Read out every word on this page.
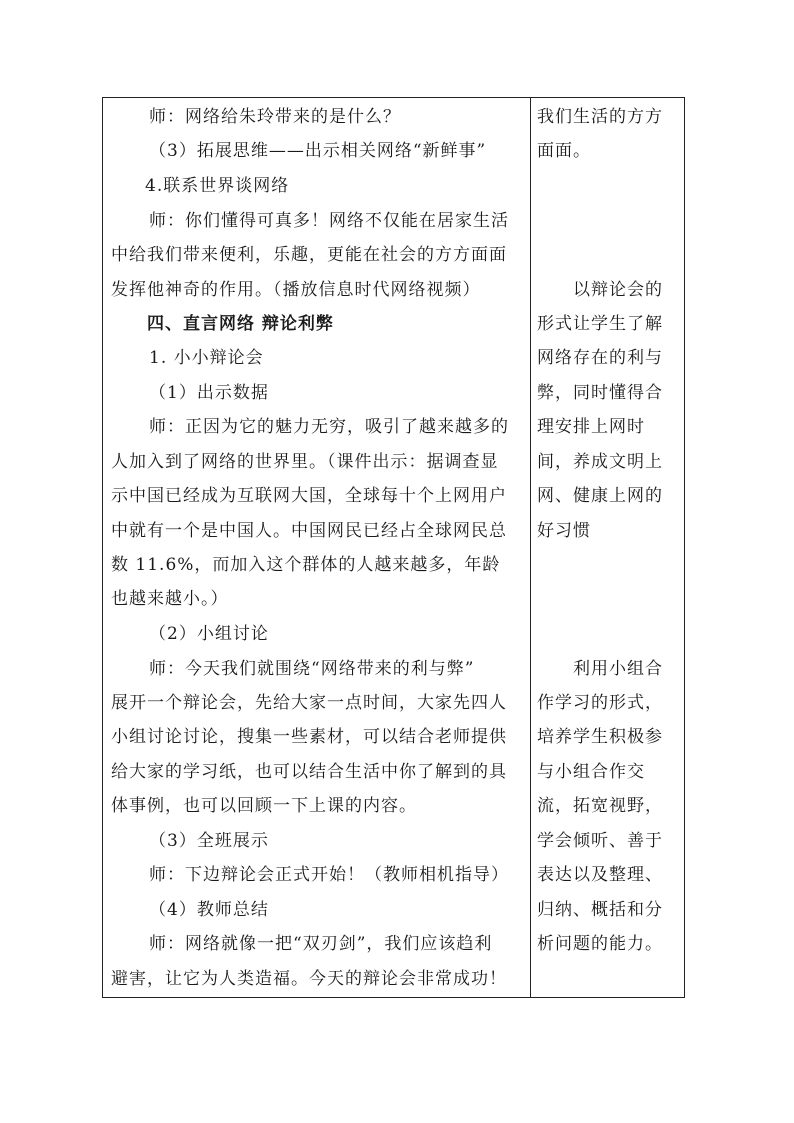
师：网络给朱玲带来的是什么？
（3）拓展思维——出示相关网络“新鲜事”
4.联系世界谈网络
师：你们懂得可真多！网络不仅能在居家生活
中给我们带来便利，乐趣，更能在社会的方方面面
发挥他神奇的作用。（播放信息时代网络视频）
四、直言网络 辩论利弊
1. 小小辩论会
（1）出示数据
师：正因为它的魅力无穷，吸引了越来越多的
人加入到了网络的世界里。（课件出示：据调查显
示中国已经成为互联网大国，全球每十个上网用户
中就有一个是中国人。中国网民已经占全球网民总
数 11.6%，而加入这个群体的人越来越多，年龄
也越来越小。）
（2）小组讨论
师：今天我们就围绕“网络带来的利与弊”
展开一个辩论会，先给大家一点时间，大家先四人
小组讨论讨论，搜集一些素材，可以结合老师提供
给大家的学习纸，也可以结合生活中你了解到的具
体事例，也可以回顾一下上课的内容。
（3）全班展示
师：下边辩论会正式开始！（教师相机指导）
（4）教师总结
师：网络就像一把“双刃剑”，我们应该趋利
避害，让它为人类造福。今天的辩论会非常成功！
我们生活的方方
面面。
以辩论会的
形式让学生了解
网络存在的利与
弊，同时懂得合
理安排上网时
间，养成文明上
网、健康上网的
好习惯
利用小组合
作学习的形式，
培养学生积极参
与小组合作交
流，拓宽视野，
学会倾听、善于
表达以及整理、
归纳、概括和分
析问题的能力。
